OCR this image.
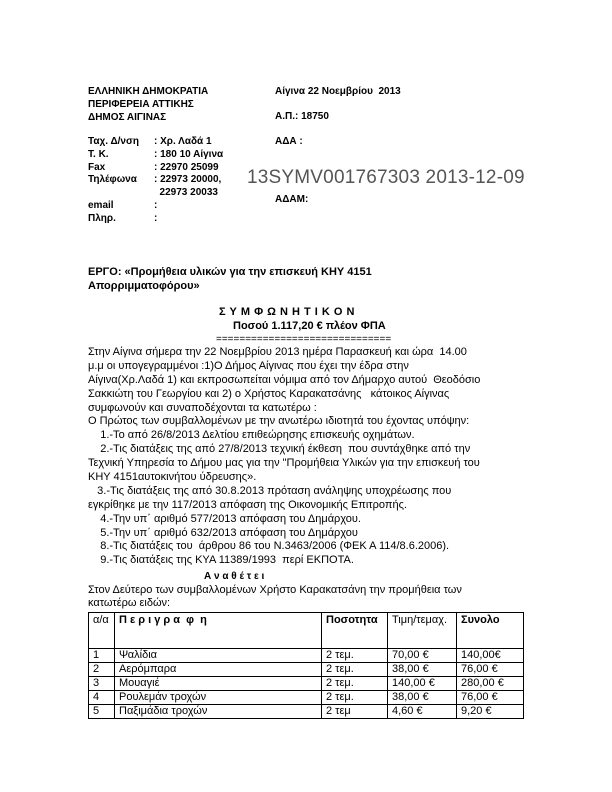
ΕΛΛΗΝΙΚΗ ΔΗΜΟΚΡΑΤΙΑ
ΠΕΡΙΦΕΡΕΙΑ ΑΤΤΙΚΗΣ
ΔΗΜΟΣ ΑΙΓΙΝΑΣ
Αίγινα 22 Νοεμβρίου  2013
Α.Π.: 18750
ΑΔΑ :
ΑΔΑΜ:
Ταχ. Δ/νση : Χρ. Λαδά 1
Τ. Κ.	: 180 10 Αίγινα
Fax	: 22970 25099
Τηλέφωνα : 22973 20000,
22973 20033
email	:
Πληρ.	:
13SYMV001767303 2013-12-09
ΕΡΓΟ: «Προμήθεια υλικών για την επισκευή ΚΗΥ 4151
Απορριμματοφόρου»
Σ Υ Μ Φ Ω Ν Η Τ Ι Κ Ο Ν
Ποσού 1.117,20 € πλέον ΦΠΑ
==============================
Στην Αίγινα σήμερα την 22 Νοεμβρίου 2013 ημέρα Παρασκευή και ώρα  14.00
μ.μ οι υπογεγραμμένοι :1)Ο Δήμος Αίγινας που έχει την έδρα στην
Αίγινα(Χρ.Λαδά 1) και εκπροσωπείται νόμιμα από τον Δήμαρχο αυτού  Θεοδόσιο
Σακκιώτη του Γεωργίου και 2) ο Χρήστος Καρακατσάνης   κάτοικος Αίγινας
συμφωνούν και συναποδέχονται τα κατωτέρω :
Ο Πρώτος των συμβαλλομένων με την ανωτέρω ιδιοτητά του έχοντας υπόψην:
1.-Το από 26/8/2013 Δελτίου επιθεώρησης επισκευής οχημάτων.
2.-Τις διατάξεις της από 27/8/2013 τεχνική έκθεση  που συντάχθηκε από την
Τεχνική Υπηρεσία το Δήμου μας για την "Προμήθεια Υλικών για την επισκευή του
ΚΗΥ 4151αυτοκινήτου ύδρευσης».
3.-Τις διατάξεις της από 30.8.2013 πρόταση ανάληψης υποχρέωσης που
εγκρίθηκε με την 117/2013 απόφαση της Οικονομικής Επιτροπής.
4.-Την υπ΄ αριθμό 577/2013 απόφαση του Δημάρχου.
5.-Την υπ΄ αριθμό 632/2013 απόφαση του Δημάρχου
8.-Τις διατάξεις του  άρθρου 86 του Ν.3463/2006 (ΦΕΚ Α 114/8.6.2006).
9.-Τις διατάξεις της ΚΥΑ 11389/1993  περί ΕΚΠΟΤΑ.
Α ν α θ έ τ ε ι
Στον Δεύτερο των συμβαλλομένων Χρήστο Καρακατσάνη την προμήθεια των
κατωτέρω ειδών:
α/α	Π ε ρ ι γ ρ α  φ  η	Ποσοτητα	Τιμη/τεμαχ.	Συνολο
1	Ψαλίδια	2 τεμ.	70,00 €	140,00€
2	Αερόμπαρα	2 τεμ.	38,00 €	76,00 €
3	Μουαγιέ	2 τεμ.	140,00 €	280,00 €
4	Ρουλεμάν τροχών	2 τεμ.	38,00 €	76,00 €
5	Παξιμάδια τροχών	2 τεμ	4,60 €	9,20 €
